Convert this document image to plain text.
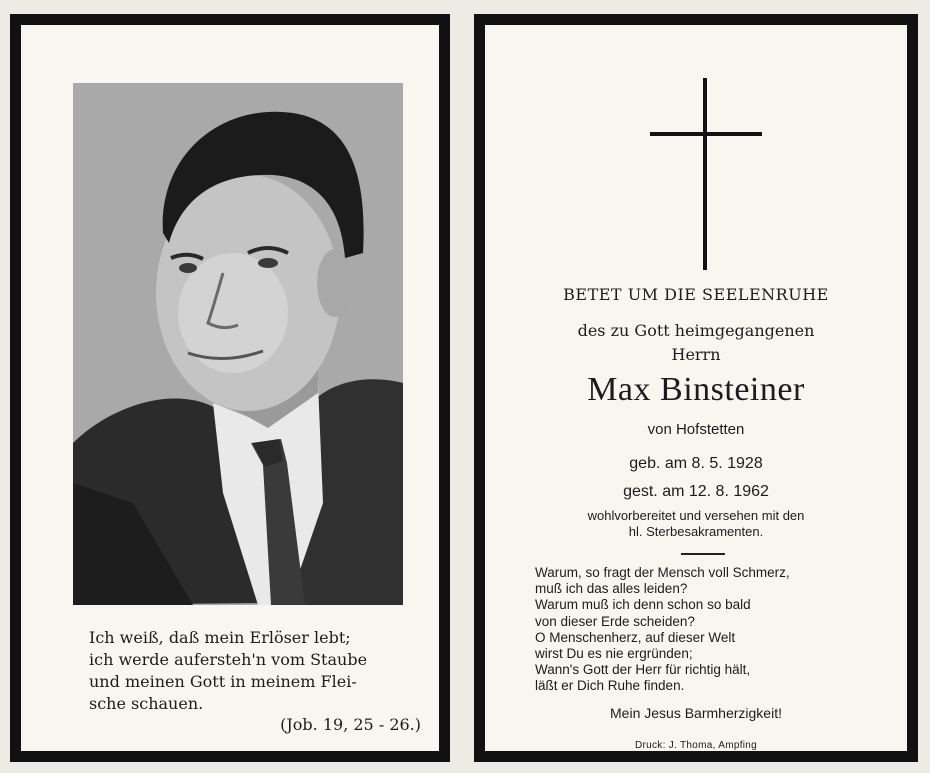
Ich weiß, daß mein Erlöser lebt;
ich werde aufersteh'n vom Staube
und meinen Gott in meinem Flei-
sche schauen.
(Job. 19, 25 - 26.)
BETET UM DIE SEELENRUHE
des zu Gott heimgegangenen
Herrn
Max Binsteiner
von Hofstetten
geb. am 8. 5. 1928
gest. am 12. 8. 1962
wohlvorbereitet und versehen mit den
hl. Sterbesakramenten.
Warum, so fragt der Mensch voll Schmerz,
muß ich das alles leiden?
Warum muß ich denn schon so bald
von dieser Erde scheiden?
O Menschenherz, auf dieser Welt
wirst Du es nie ergründen;
Wann's Gott der Herr für richtig hält,
läßt er Dich Ruhe finden.
Mein Jesus Barmherzigkeit!
Druck: J. Thoma, Ampfing
